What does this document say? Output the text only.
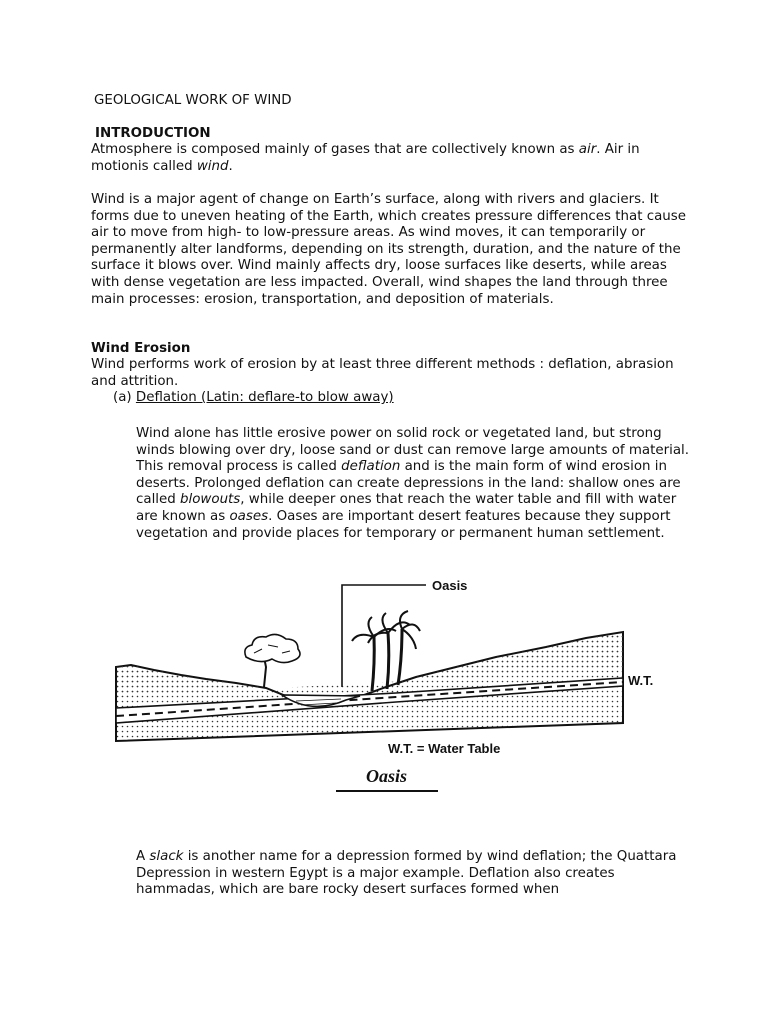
GEOLOGICAL WORK OF WIND
INTRODUCTION

Atmosphere is composed mainly of gases that are collectively known as air. Air in motionis called wind.

Wind is a major agent of change on Earth’s surface, along with rivers and glaciers. It forms due to uneven heating of the Earth, which creates pressure differences that cause air to move from high- to low-pressure areas. As wind moves, it can temporarily or permanently alter landforms, depending on its strength, duration, and the nature of the surface it blows over. Wind mainly affects dry, loose surfaces like deserts, while areas with dense vegetation are less impacted. Overall, wind shapes the land through three main processes: erosion, transportation, and deposition of materials.

Wind Erosion

Wind performs work of erosion by at least three different methods : deflation, abrasion and attrition.

(a) Deflation (Latin: deflare-to blow away)

Wind alone has little erosive power on solid rock or vegetated land, but strong winds blowing over dry, loose sand or dust can remove large amounts of material. This removal process is called deflation and is the main form of wind erosion in deserts. Prolonged deflation can create depressions in the land: shallow ones are called blowouts, while deeper ones that reach the water table and fill with water are known as oases. Oases are important desert features because they support vegetation and provide places for temporary or permanent human settlement.

Oasis
W.T.
W.T. = Water Table
Oasis

A slack is another name for a depression formed by wind deflation; the Quattara Depression in western Egypt is a major example. Deflation also creates hammadas, which are bare rocky desert surfaces formed when
